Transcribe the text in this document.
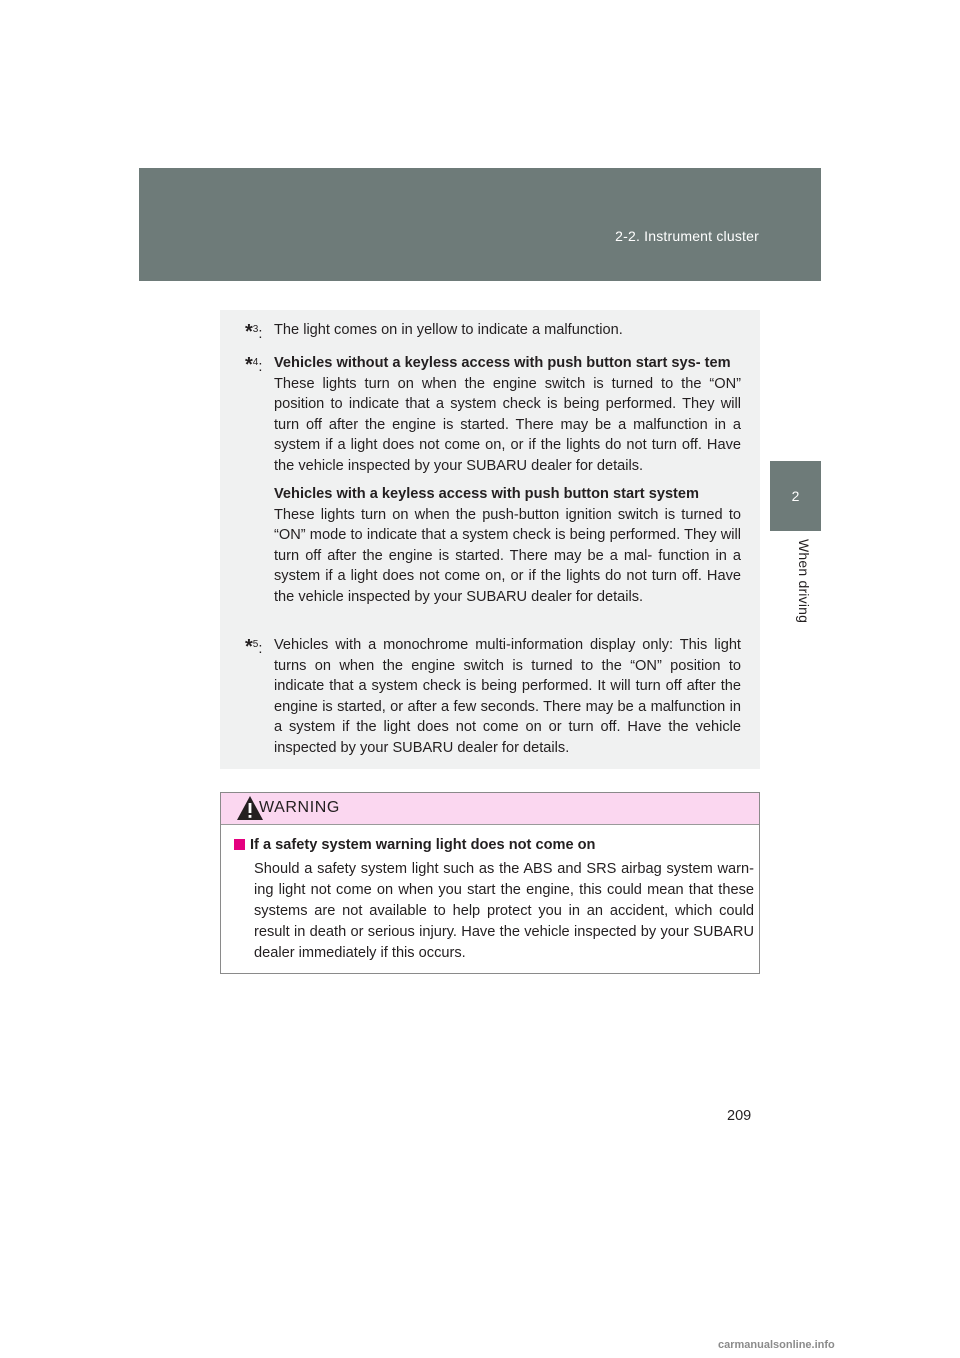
2-2. Instrument cluster
2
When driving
*$^3$: The light comes on in yellow to indicate a malfunction.

*$^4$: Vehicles without a keyless access with push button start sys- tem

These lights turn on when the engine switch is turned to the “ON” position to indicate that a system check is being performed. They will turn off after the engine is started. There may be a malfunction in a system if a light does not come on, or if the lights do not turn off. Have the vehicle inspected by your SUBARU dealer for details.

Vehicles with a keyless access with push button start system

These lights turn on when the push-button ignition switch is turned to “ON” mode to indicate that a system check is being performed. They will turn off after the engine is started. There may be a mal- function in a system if a light does not come on, or if the lights do not turn off. Have the vehicle inspected by your SUBARU dealer for details.

*$^5$: Vehicles with a monochrome multi-information display only: This light turns on when the engine switch is turned to the “ON” position to indicate that a system check is being performed. It will turn off after the engine is started, or after a few seconds. There may be a malfunction in a system if the light does not come on or turn off. Have the vehicle inspected by your SUBARU dealer for details.

WARNING
If a safety system warning light does not come on

Should a safety system light such as the ABS and SRS airbag system warn- ing light not come on when you start the engine, this could mean that these systems are not available to help protect you in an accident, which could result in death or serious injury. Have the vehicle inspected by your SUBARU dealer immediately if this occurs.

209
carmanualsonline.info
